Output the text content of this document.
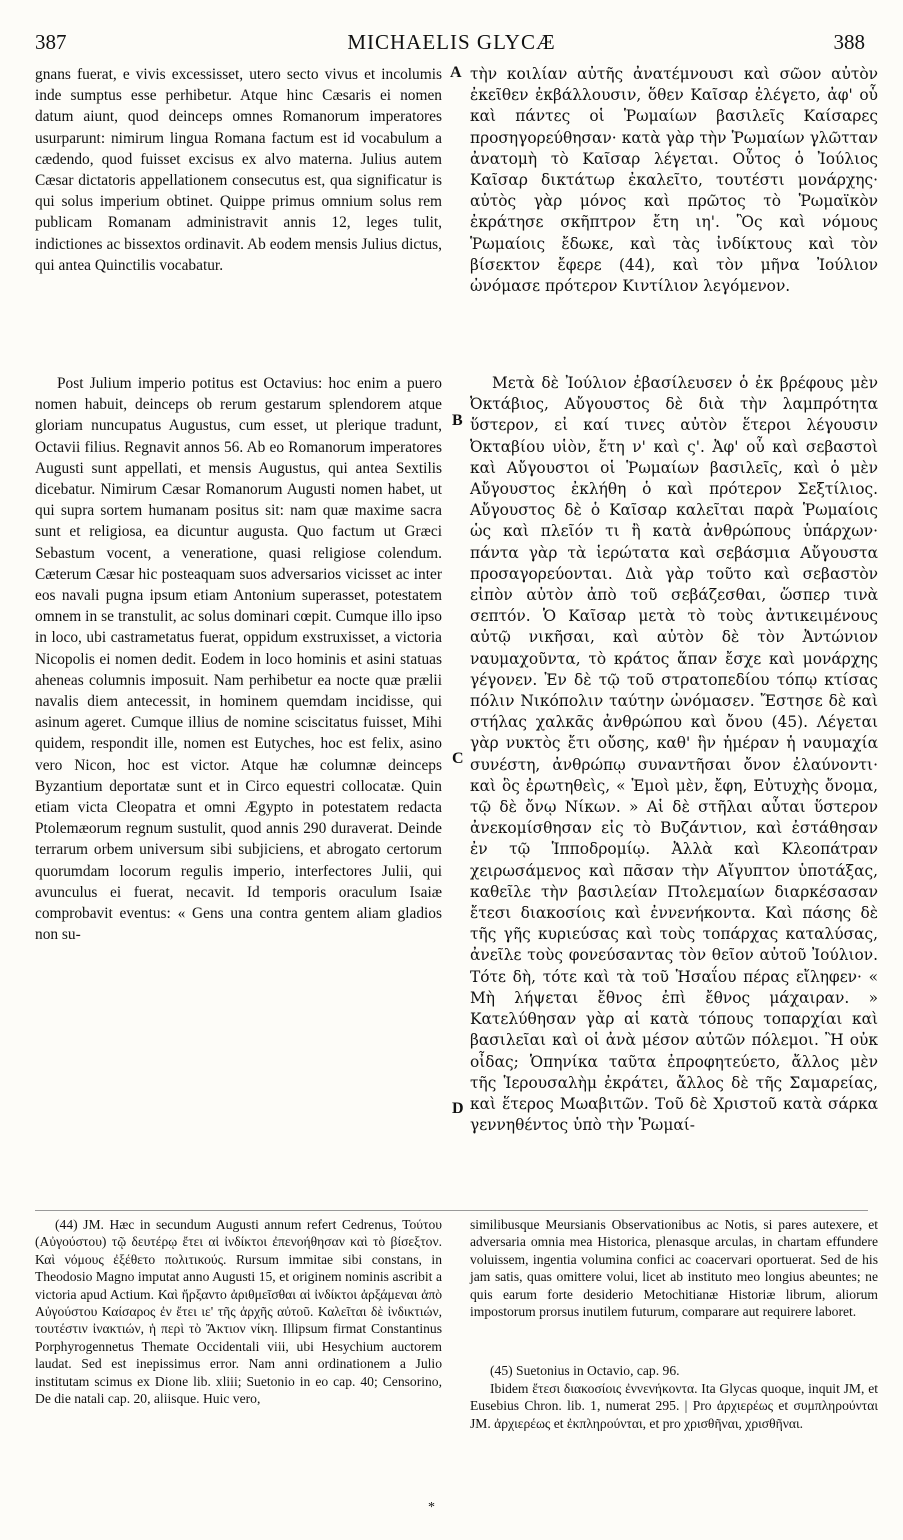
387	MICHAELIS GLYCÆ	388
A
B
C
D

gnans fuerat, e vivis excessisset, utero secto vivus et incolumis inde sumptus esse perhibetur. Atque hinc Cæsaris ei nomen datum aiunt, quod deinceps omnes Romanorum imperatores usurparunt: nimirum lingua Romana factum est id vocabulum a cædendo, quod fuisset excisus ex alvo materna. Julius autem Cæsar dictatoris appellationem consecutus est, qua significatur is qui solus imperium obtinet. Quippe primus omnium solus rem publicam Romanam administravit annis 12, leges tulit, indictiones ac bissextos ordinavit. Ab eodem mensis Julius dictus, qui antea Quinctilis vocabatur.

Post Julium imperio potitus est Octavius: hoc enim a puero nomen habuit, deinceps ob rerum gestarum splendorem atque gloriam nuncupatus Augustus, cum esset, ut plerique tradunt, Octavii filius. Regnavit annos 56. Ab eo Romanorum imperatores Augusti sunt appellati, et mensis Augustus, qui antea Sextilis dicebatur. Nimirum Cæsar Romanorum Augusti nomen habet, ut qui supra sortem humanam positus sit: nam quæ maxime sacra sunt et religiosa, ea dicuntur augusta. Quo factum ut Græci Sebastum vocent, a veneratione, quasi religiose colendum. Cæterum Cæsar hic posteaquam suos adversarios vicisset ac inter eos navali pugna ipsum etiam Antonium superasset, potestatem omnem in se transtulit, ac solus dominari cœpit. Cumque illo ipso in loco, ubi castrametatus fuerat, oppidum exstruxisset, a victoria Nicopolis ei nomen dedit. Eodem in loco hominis et asini statuas aheneas columnis imposuit. Nam perhibetur ea nocte quæ prælii navalis diem antecessit, in hominem quemdam incidisse, qui asinum ageret. Cumque illius de nomine sciscitatus fuisset, Mihi quidem, respondit ille, nomen est Eutyches, hoc est felix, asino vero Nicon, hoc est victor. Atque hæ columnæ deinceps Byzantium deportatæ sunt et in Circo equestri collocatæ. Quin etiam victa Cleopatra et omni Ægypto in potestatem redacta Ptolemæorum regnum sustulit, quod annis 290 duraverat. Deinde terrarum orbem universum sibi subjiciens, et abrogato certorum quorumdam locorum regulis imperio, interfectores Julii, qui avunculus ei fuerat, necavit. Id temporis oraculum Isaiæ comprobavit eventus: « Gens una contra gentem aliam gladios non su-

τὴν κοιλίαν αὐτῆς ἀνατέμνουσι καὶ σῶον αὐτὸν ἐκεῖθεν ἐκβάλλουσιν, ὅθεν Καῖσαρ ἐλέγετο, ἀφ' οὗ καὶ πάντες οἱ Ῥωμαίων βασιλεῖς Καίσαρες προσηγορεύθησαν· κατὰ γὰρ τὴν Ῥωμαίων γλῶτταν ἀνατομὴ τὸ Καῖσαρ λέγεται. Οὗτος ὁ Ἰούλιος Καῖσαρ δικτάτωρ ἐκαλεῖτο, τουτέστι μονάρχης· αὐτὸς γὰρ μόνος καὶ πρῶτος τὸ Ῥωμαϊκὸν ἐκράτησε σκῆπτρον ἔτη ιη'. Ὃς καὶ νόμους Ῥωμαίοις ἔδωκε, καὶ τὰς ἰνδίκτους καὶ τὸν βίσεκτον ἔφερε (44), καὶ τὸν μῆνα Ἰούλιον ὠνόμασε πρότερον Κιντίλιον λεγόμενον.

Μετὰ δὲ Ἰούλιον ἐβασίλευσεν ὁ ἐκ βρέφους μὲν Ὀκτάβιος, Αὔγουστος δὲ διὰ τὴν λαμπρότητα ὕστερον, εἰ καί τινες αὐτὸν ἕτεροι λέγουσιν Ὀκταβίου υἱὸν, ἔτη ν' καὶ ς'. Ἀφ' οὗ καὶ σεβαστοὶ καὶ Αὔγουστοι οἱ Ῥωμαίων βασιλεῖς, καὶ ὁ μὲν Αὔγουστος ἐκλήθη ὁ καὶ πρότερον Σεξτίλιος. Αὔγουστος δὲ ὁ Καῖσαρ καλεῖται παρὰ Ῥωμαίοις ὡς καὶ πλεῖόν τι ἢ κατὰ ἀνθρώπους ὑπάρχων· πάντα γὰρ τὰ ἱερώτατα καὶ σεβάσμια Αὔγουστα προσαγορεύονται. Διὰ γὰρ τοῦτο καὶ σεβαστὸν εἰπὸν αὐτὸν ἀπὸ τοῦ σεβάζεσθαι, ὥσπερ τινὰ σεπτόν. Ὁ Καῖσαρ μετὰ τὸ τοὺς ἀντικειμένους αὐτῷ νικῆσαι, καὶ αὐτὸν δὲ τὸν Ἀντώνιον ναυμαχοῦντα, τὸ κράτος ἅπαν ἔσχε καὶ μονάρχης γέγονεν. Ἐν δὲ τῷ τοῦ στρατοπεδίου τόπῳ κτίσας πόλιν Νικόπολιν ταύτην ὠνόμασεν. Ἔστησε δὲ καὶ στήλας χαλκᾶς ἀνθρώπου καὶ ὄνου (45). Λέγεται γὰρ νυκτὸς ἔτι οὔσης, καθ' ἣν ἡμέραν ἡ ναυμαχία συνέστη, ἀνθρώπῳ συναντῆσαι ὄνον ἐλαύνοντι· καὶ ὃς ἐρωτηθεὶς, « Ἐμοὶ μὲν, ἔφη, Εὐτυχὴς ὄνομα, τῷ δὲ ὄνῳ Νίκων. » Αἱ δὲ στῆλαι αὗται ὕστερον ἀνεκομίσθησαν εἰς τὸ Βυζάντιον, καὶ ἐστάθησαν ἐν τῷ Ἱπποδρομίῳ. Ἀλλὰ καὶ Κλεοπάτραν χειρωσάμενος καὶ πᾶσαν τὴν Αἴγυπτον ὑποτάξας, καθεῖλε τὴν βασιλείαν Πτολεμαίων διαρκέσασαν ἔτεσι διακοσίοις καὶ ἐννενήκοντα. Καὶ πάσης δὲ τῆς γῆς κυριεύσας καὶ τοὺς τοπάρχας καταλύσας, ἀνεῖλε τοὺς φονεύσαντας τὸν θεῖον αὐτοῦ Ἰούλιον. Τότε δὴ, τότε καὶ τὰ τοῦ Ἡσαΐου πέρας εἴληφεν· « Μὴ λήψεται ἔθνος ἐπὶ ἔθνος μάχαιραν. » Κατελύθησαν γὰρ αἱ κατὰ τόπους τοπαρχίαι καὶ βασιλεῖαι καὶ οἱ ἀνὰ μέσον αὐτῶν πόλεμοι. Ἢ οὐκ οἶδας; Ὁπηνίκα ταῦτα ἐπροφητεύετο, ἄλλος μὲν τῆς Ἱερουσαλὴμ ἐκράτει, ἄλλος δὲ τῆς Σαμαρείας, καὶ ἕτερος Μωαβιτῶν. Τοῦ δὲ Χριστοῦ κατὰ σάρκα γεννηθέντος ὑπὸ τὴν Ῥωμαί-

(44) JM. Hæc in secundum Augusti annum refert Cedrenus, Τούτου (Αὐγούστου) τῷ δευτέρῳ ἔτει αἱ ἰνδίκτοι ἐπενοήθησαν καὶ τὸ βίσεξτον. Καὶ νόμους ἐξέθετο πολιτικούς. Rursum immitae sibi constans, in Theodosio Magno imputat anno Augusti 15, et originem nominis ascribit a victoria apud Actium. Καὶ ἤρξαντο ἀριθμεῖσθαι αἱ ἰνδίκτοι ἀρξάμεναι ἀπὸ Αὐγούστου Καίσαρος ἐν ἔτει ιε' τῆς ἀρχῆς αὐτοῦ. Καλεῖται δὲ ἰνδικτιών, τουτέστιν ἰνακτιών, ἡ περὶ τὸ Ἄκτιον νίκη. Illipsum firmat Constantinus Porphyrogennetus Themate Occidentali viii, ubi Hesychium auctorem laudat. Sed est inepissimus error. Nam anni ordinationem a Julio institutam scimus ex Dione lib. xliii; Suetonio in eo cap. 40; Censorino, De die natali cap. 20, aliisque. Huic vero,

similibusque Meursianis Observationibus ac Notis, si pares autexere, et adversaria omnia mea Historica, plenasque arculas, in chartam effundere voluissem, ingentia volumina confici ac coacervari oportuerat. Sed de his jam satis, quas omittere volui, licet ab instituto meo longius abeuntes; ne quis earum forte desiderio Metochitianæ Historiæ librum, aliorum impostorum prorsus inutilem futurum, comparare aut requirere laboret.

(45) Suetonius in Octavio, cap. 96.

Ibidem ἔτεσι διακοσίοις ἐννενήκοντα. Ita Glycas quoque, inquit JM, et Eusebius Chron. lib. 1, numerat 295. | Pro ἀρχιερέως et συμπληρούνται JM. ἀρχιερέως et ἐκπληρούνται, et pro χρισθῆναι, χρισθῆναι.

*
